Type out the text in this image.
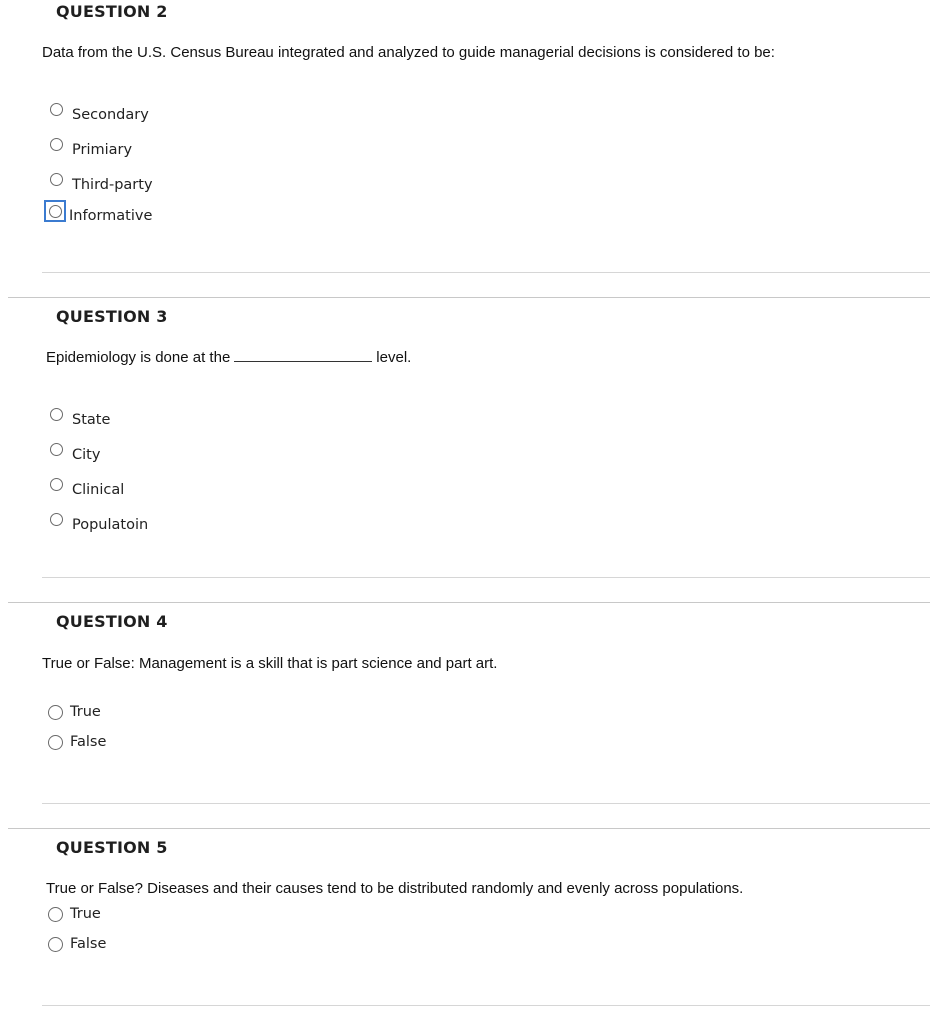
QUESTION 2
Data from the U.S. Census Bureau integrated and analyzed to guide managerial decisions is considered to be:
Secondary
Primiary
Third-party
Informative
QUESTION 3
Epidemiology is done at the	level.
State
City
Clinical
Populatoin
QUESTION 4
True or False: Management is a skill that is part science and part art.
True
False
QUESTION 5
True or False? Diseases and their causes tend to be distributed randomly and evenly across populations.
True
False
